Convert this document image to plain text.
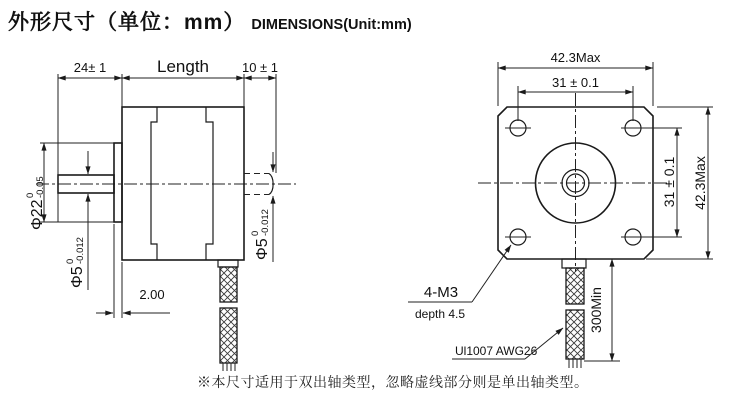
外形尺寸（单位：mm） DIMENSIONS(Unit:mm)
24± 1	Length	10 ± 1
Φ22
0 -0.05
Φ5
0 -0.012	Φ5
0 -0.012
2.00
42.3Max
31 ± 0.1
31 ± 0.1 42.3Max
4-M3
depth 4.5
Ul1007 AWG26
300Min
※本尺寸适用于双出轴类型，忽略虚线部分则是单出轴类型。
